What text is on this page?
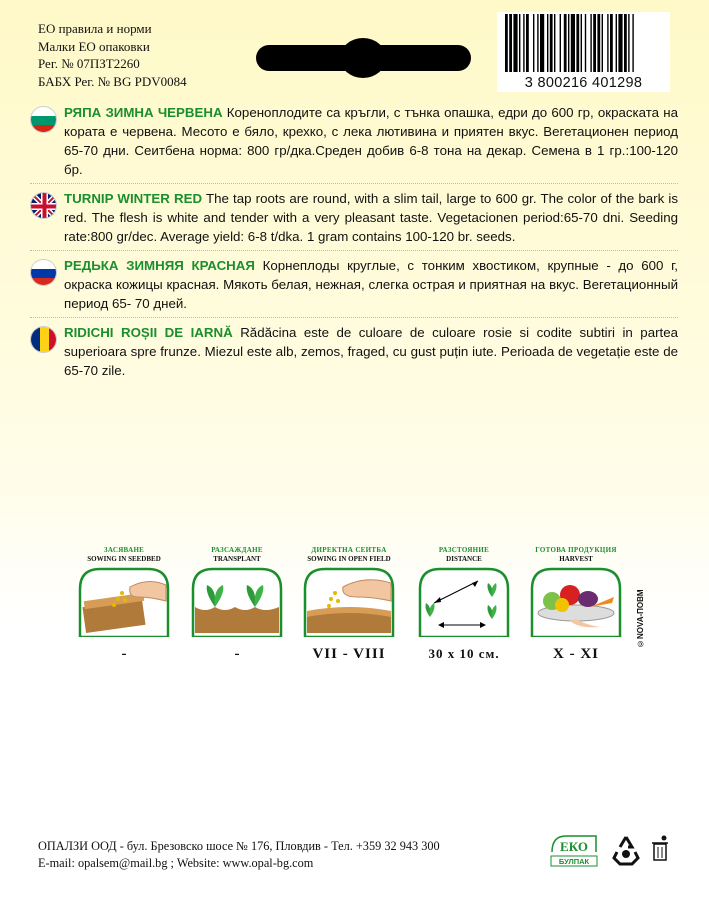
ЕО правила и норми
Малки ЕО опаковки
Рег. № 07ПЗТ2260
БАБХ Рег. № BG PDV0084	3 800216 401298
РЯПА ЗИМНА ЧЕРВЕНА Кореноплодите са кръгли, с тънка опашка, едри до 600 гр, окраската на кората е червена. Месото е бяло, крехко, с лека лютивина и приятен вкус. Вегетационен период 65-70 дни. Сеитбена норма: 800 гр/дка.Среден добив 6-8 тона на декар. Семена в 1 гр.:100-120 бр.
TURNIP WINTER RED The tap roots are round, with a slim tail, large to 600 gr. The color of the bark is red. The flesh is white and tender with a very pleasant taste. Vegetacionen period:65-70 dni. Seeding rate:800 gr/dec. Average yield: 6-8 t/dka. 1 gram contains 100-120 br. seeds.
РЕДЬКА ЗИМНЯЯ КРАСНАЯ Корнеплоды круглые, с тонким хвостиком, крупные - до 600 г, окраска кожицы красная. Мякоть белая, нежная, слегка острая и приятная на вкус. Вегетационный период 65- 70 дней.
RIDICHI ROȘII DE IARNĂ Rădăcina este de culoare de culoare rosie si codite subtiri in partea superioara spre frunze. Miezul este alb, zemos, fraged, cu gust puțin iute. Perioada de vegetație este de 65-70 zile.
ЗАСЯВАНЕ
SOWING IN SEEDBED
-
РАЗСАЖДАНЕ
TRANSPLANT
-
ДИРЕКТНА СЕИТБА
SOWING IN OPEN FIELD
VII - VIII
РАЗСТОЯНИЕ
DISTANCE
30 х 10 см.
ГОТОВА ПРОДУКЦИЯ
HARVEST
X - XI
©NOVA-ПОВМ
ОПАЛЗИ ООД - бул. Брезовско шосе № 176, Пловдив - Тел. +359 32 943 300
E-mail: opalsem@mail.bg ; Website: www.opal-bg.com
ЕКО
БУЛПАК
